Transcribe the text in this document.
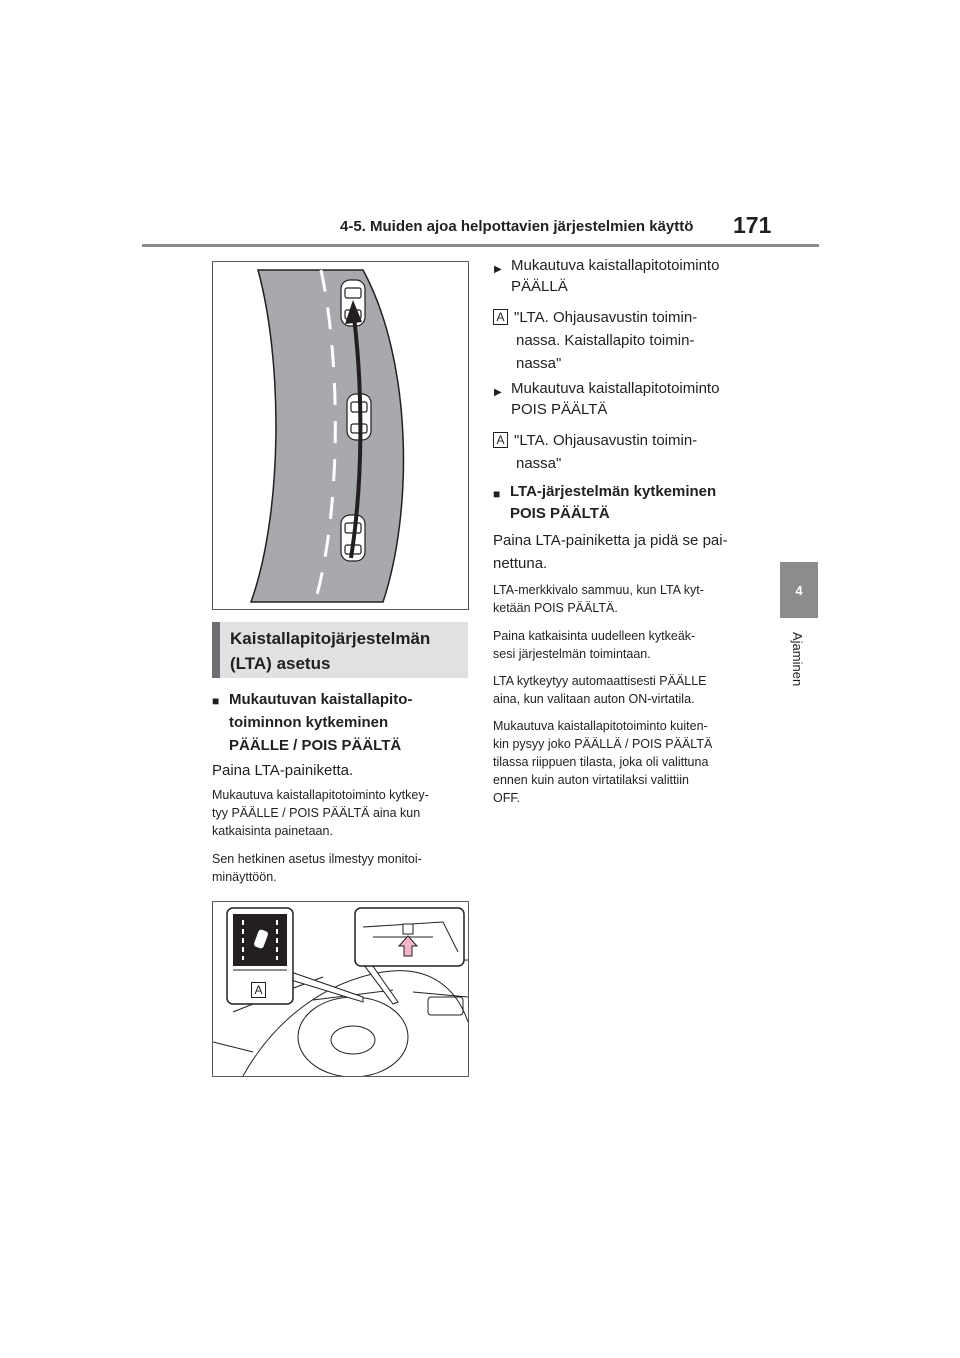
4-5. Muiden ajoa helpottavien järjestelmien käyttö 171
4
Ajaminen
Kaistallapitojärjestelmän
(LTA) asetus
■ Mukautuvan kaistallapito-
toiminnon kytkeminen
PÄÄLLE / POIS PÄÄLTÄ
Paina LTA-painiketta.
Mukautuva kaistallapitotoiminto kytkey-
tyy PÄÄLLE / POIS PÄÄLTÄ aina kun
katkaisinta painetaan.
Sen hetkinen asetus ilmestyy monitoi-
minäyttöön.
A
▶ Mukautuva kaistallapitotoiminto
PÄÄLLÄ
A "LTA. Ohjausavustin toimin-
nassa. Kaistallapito toimin-
nassa"
▶ Mukautuva kaistallapitotoiminto
POIS PÄÄLTÄ
A "LTA. Ohjausavustin toimin-
nassa"
■ LTA-järjestelmän kytkeminen
POIS PÄÄLTÄ
Paina LTA-painiketta ja pidä se pai-
nettuna.
LTA-merkkivalo sammuu, kun LTA kyt-
ketään POIS PÄÄLTÄ.
Paina katkaisinta uudelleen kytkeäk-
sesi järjestelmän toimintaan.
LTA kytkeytyy automaattisesti PÄÄLLE
aina, kun valitaan auton ON-virtatila.
Mukautuva kaistallapitotoiminto kuiten-
kin pysyy joko PÄÄLLÄ / POIS PÄÄLTÄ
tilassa riippuen tilasta, joka oli valittuna
ennen kuin auton virtatilaksi valittiin
OFF.
